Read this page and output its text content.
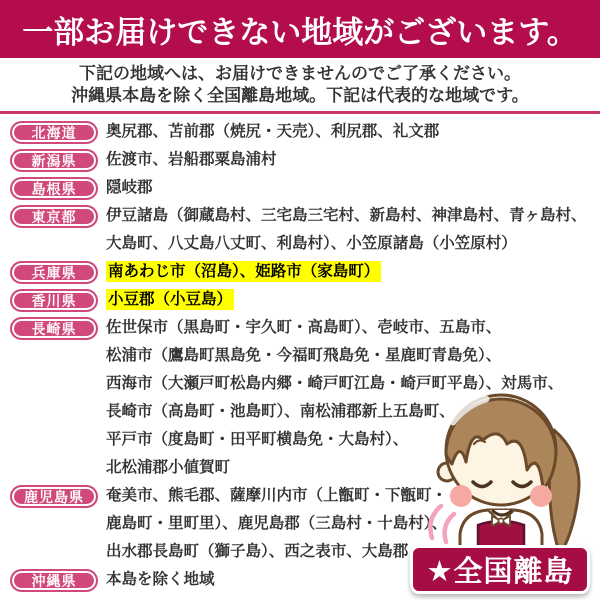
一部お届けできない地域がございます。
下記の地域へは、お届けできませんのでご了承ください。
沖縄県本島を除く全国離島地域。下記は代表的な地域です。
北海道	奥尻郡、苫前郡（焼尻・天売）、利尻郡、礼文郡
新潟県	佐渡市、岩船郡粟島浦村
島根県	隠岐郡
東京都	伊豆諸島（御蔵島村、三宅島三宅村、新島村、神津島村、青ヶ島村、
大島町、八丈島八丈町、利島村）、小笠原諸島（小笠原村）
兵庫県	南あわじ市（沼島）、姫路市（家島町）
香川県	小豆郡（小豆島）
長崎県	佐世保市（黒島町・宇久町・高島町）、壱岐市、五島市、
松浦市（鷹島町黒島免・今福町飛島免・星鹿町青島免）、
西海市（大瀬戸町松島内郷・崎戸町江島・崎戸町平島）、対馬市、
長崎市（高島町・池島町）、南松浦郡新上五島町、
平戸市（度島町・田平町横島免・大島村）、
北松浦郡小値賀町
鹿児島県	奄美市、熊毛郡、薩摩川内市（上甑町・下甑町・
鹿島町・里町里）、鹿児島郡（三島村・十島村）、
出水郡長島町（獅子島）、西之表市、大島郡
沖縄県	本島を除く地域	★全国離島
